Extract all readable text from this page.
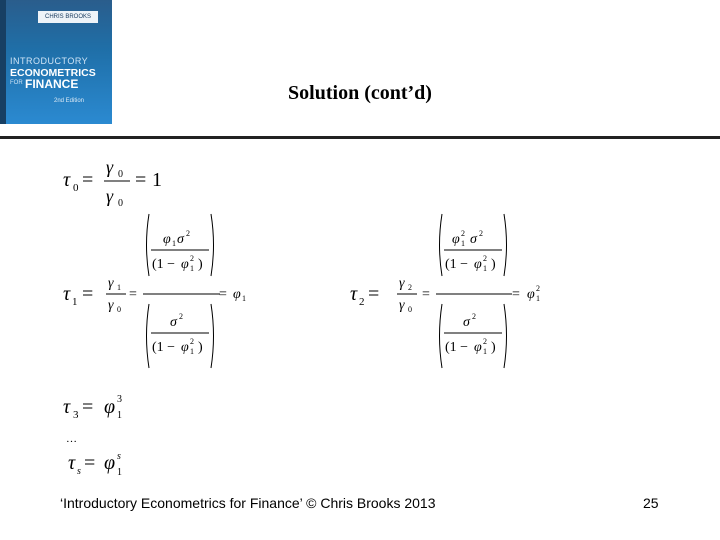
CHRIS BROOKS
INTRODUCTORY
ECONOMETRICS
FOR FINANCE
2nd Edition	Solution (cont’d)
τ 0 =
γ 0
γ 0
= 1
τ 1 = γ 1
γ 0
=
φ 1 σ 2
(1 − φ 2
1 )
σ 2
(1 − φ 2
1 )
= φ 1	τ 2 = γ 2
γ 0
=
φ 2
1 σ 2
(1 − φ 2
1 )
σ 2
(1 − φ 2
1 )
= φ 2
1
τ 3 = φ 3
1
…
τ s = φ s
1
‘Introductory Econometrics for Finance’ © Chris Brooks 2013	25
